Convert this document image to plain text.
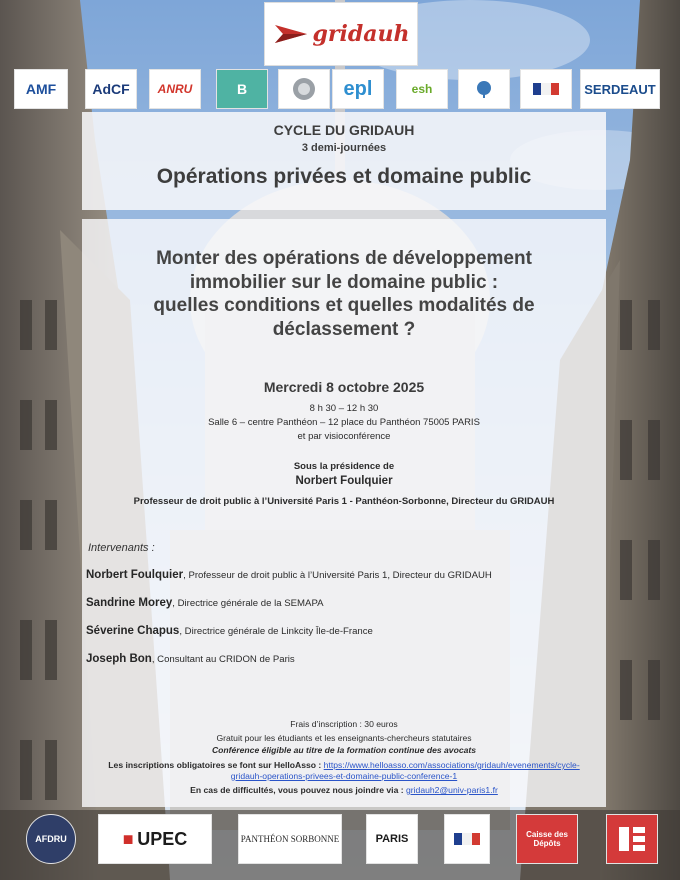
gridauh
AMF	AdCF ANRU	B	epl	esh	SERDEAUT
CYCLE DU GRIDAUH
3 demi-journées
Opérations privées et domaine public
Monter des opérations de développement
immobilier sur le domaine public :
quelles conditions et quelles modalités de
déclassement ?
Mercredi 8 octobre 2025
8 h 30 – 12 h 30
Salle 6 – centre Panthéon – 12 place du Panthéon 75005 PARIS
et par visioconférence
Sous la présidence de
Norbert Foulquier
Professeur de droit public à l’Université Paris 1 - Panthéon-Sorbonne, Directeur du GRIDAUH
Intervenants :
Norbert Foulquier, Professeur de droit public à l’Université Paris 1, Directeur du GRIDAUH
Sandrine Morey, Directrice générale de la SEMAPA
Séverine Chapus, Directrice générale de Linkcity Île-de-France
Joseph Bon, Consultant au CRIDON de Paris
Frais d’inscription : 30 euros
Gratuit pour les étudiants et les enseignants-chercheurs statutaires
Conférence éligible au titre de la formation continue des avocats
Les inscriptions obligatoires se font sur HelloAsso : https://www.helloasso.com/associations/gridauh/evenements/cycle-
gridauh-operations-privees-et-domaine-public-conference-1
En cas de difficultés, vous pouvez nous joindre via : gridauh2@univ-paris1.fr
AFDRU	■  UPEC	PANTHÉON SORBONNE	PARIS	Caisse des Dépôts
